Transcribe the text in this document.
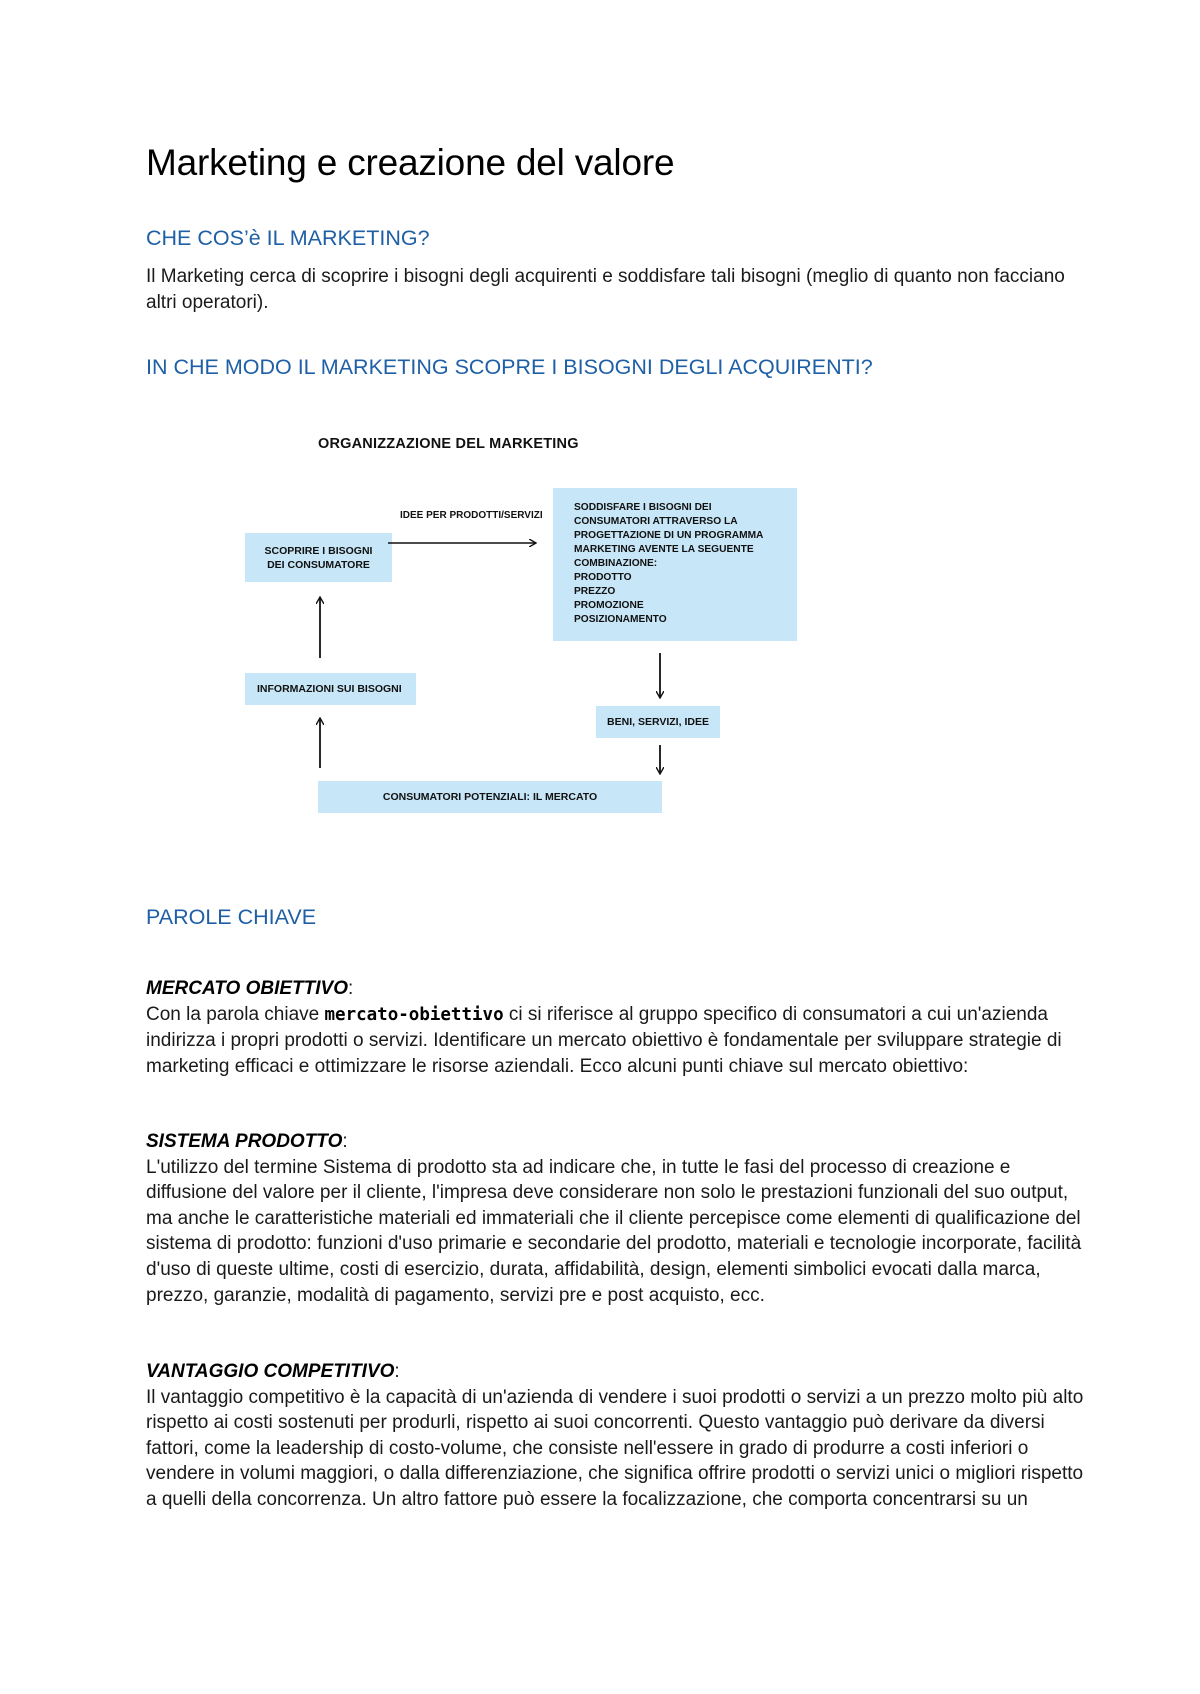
Marketing e creazione del valore
CHE COS’è IL MARKETING?

Il Marketing cerca di scoprire i bisogni degli acquirenti e soddisfare tali bisogni (meglio di quanto non facciano altri operatori).

IN CHE MODO IL MARKETING SCOPRE I BISOGNI DEGLI ACQUIRENTI?
ORGANIZZAZIONE DEL MARKETING
SCOPRIRE I BISOGNI DEI CONSUMATORE
IDEE PER PRODOTTI/SERVIZI
SODDISFARE I BISOGNI DEI
CONSUMATORI ATTRAVERSO LA
PROGETTAZIONE DI UN PROGRAMMA
MARKETING AVENTE LA SEGUENTE
COMBINAZIONE:
PRODOTTO
PREZZO
PROMOZIONE
POSIZIONAMENTO
INFORMAZIONI SUI BISOGNI
BENI, SERVIZI, IDEE
CONSUMATORI POTENZIALI: IL MERCATO
PAROLE CHIAVE

MERCATO OBIETTIVO:
Con la parola chiave mercato-obiettivo ci si riferisce al gruppo specifico di consumatori a cui un'azienda indirizza i propri prodotti o servizi. Identificare un mercato obiettivo è fondamentale per sviluppare strategie di marketing efficaci e ottimizzare le risorse aziendali. Ecco alcuni punti chiave sul mercato obiettivo:

SISTEMA PRODOTTO:
L'utilizzo del termine Sistema di prodotto sta ad indicare che, in tutte le fasi del processo di creazione e diffusione del valore per il cliente, l'impresa deve considerare non solo le prestazioni funzionali del suo output, ma anche le caratteristiche materiali ed immateriali che il cliente percepisce come elementi di qualificazione del sistema di prodotto: funzioni d'uso primarie e secondarie del prodotto, materiali e tecnologie incorporate, facilità d'uso di queste ultime, costi di esercizio, durata, affidabilità, design, elementi simbolici evocati dalla marca, prezzo, garanzie, modalità di pagamento, servizi pre e post acquisto, ecc.

VANTAGGIO COMPETITIVO:
Il vantaggio competitivo è la capacità di un'azienda di vendere i suoi prodotti o servizi a un prezzo molto più alto rispetto ai costi sostenuti per produrli, rispetto ai suoi concorrenti. Questo vantaggio può derivare da diversi fattori, come la leadership di costo-volume, che consiste nell'essere in grado di produrre a costi inferiori o vendere in volumi maggiori, o dalla differenziazione, che significa offrire prodotti o servizi unici o migliori rispetto a quelli della concorrenza. Un altro fattore può essere la focalizzazione, che comporta concentrarsi su un
